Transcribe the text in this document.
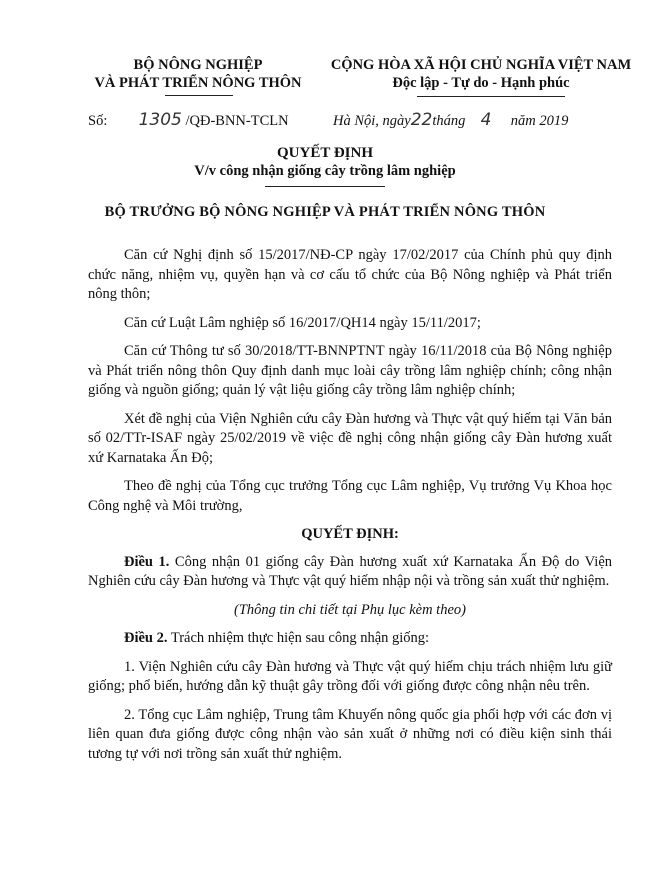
BỘ NÔNG NGHIỆP
VÀ PHÁT TRIỂN NÔNG THÔN
CỘNG HÒA XÃ HỘI CHỦ NGHĨA VIỆT NAM
Độc lập - Tự do - Hạnh phúc
Số: 1305 /QĐ-BNN-TCLN	Hà Nội, ngày22tháng 4 năm 2019
QUYẾT ĐỊNH
V/v công nhận giống cây trồng lâm nghiệp
BỘ TRƯỞNG BỘ NÔNG NGHIỆP VÀ PHÁT TRIỂN NÔNG THÔN

Căn cứ Nghị định số 15/2017/NĐ-CP ngày 17/02/2017 của Chính phủ quy định chức năng, nhiệm vụ, quyền hạn và cơ cấu tổ chức của Bộ Nông nghiệp và Phát triển nông thôn;

Căn cứ Luật Lâm nghiệp số 16/2017/QH14 ngày 15/11/2017;

Căn cứ Thông tư số 30/2018/TT-BNNPTNT ngày 16/11/2018 của Bộ Nông nghiệp và Phát triển nông thôn Quy định danh mục loài cây trồng lâm nghiệp chính; công nhận giống và nguồn giống; quản lý vật liệu giống cây trồng lâm nghiệp chính;

Xét đề nghị của Viện Nghiên cứu cây Đàn hương và Thực vật quý hiếm tại Văn bản số 02/TTr-ISAF ngày 25/02/2019 về việc đề nghị công nhận giống cây Đàn hương xuất xứ Karnataka Ấn Độ;

Theo đề nghị của Tổng cục trưởng Tổng cục Lâm nghiệp, Vụ trưởng Vụ Khoa học Công nghệ và Môi trường,

QUYẾT ĐỊNH:

Điều 1. Công nhận 01 giống cây Đàn hương xuất xứ Karnataka Ấn Độ do Viện Nghiên cứu cây Đàn hương và Thực vật quý hiếm nhập nội và trồng sản xuất thử nghiệm.

(Thông tin chi tiết tại Phụ lục kèm theo)

Điều 2. Trách nhiệm thực hiện sau công nhận giống:

1. Viện Nghiên cứu cây Đàn hương và Thực vật quý hiếm chịu trách nhiệm lưu giữ giống; phổ biến, hướng dẫn kỹ thuật gây trồng đối với giống được công nhận nêu trên.

2. Tổng cục Lâm nghiệp, Trung tâm Khuyến nông quốc gia phối hợp với các đơn vị liên quan đưa giống được công nhận vào sản xuất ở những nơi có điều kiện sinh thái tương tự với nơi trồng sản xuất thử nghiệm.
